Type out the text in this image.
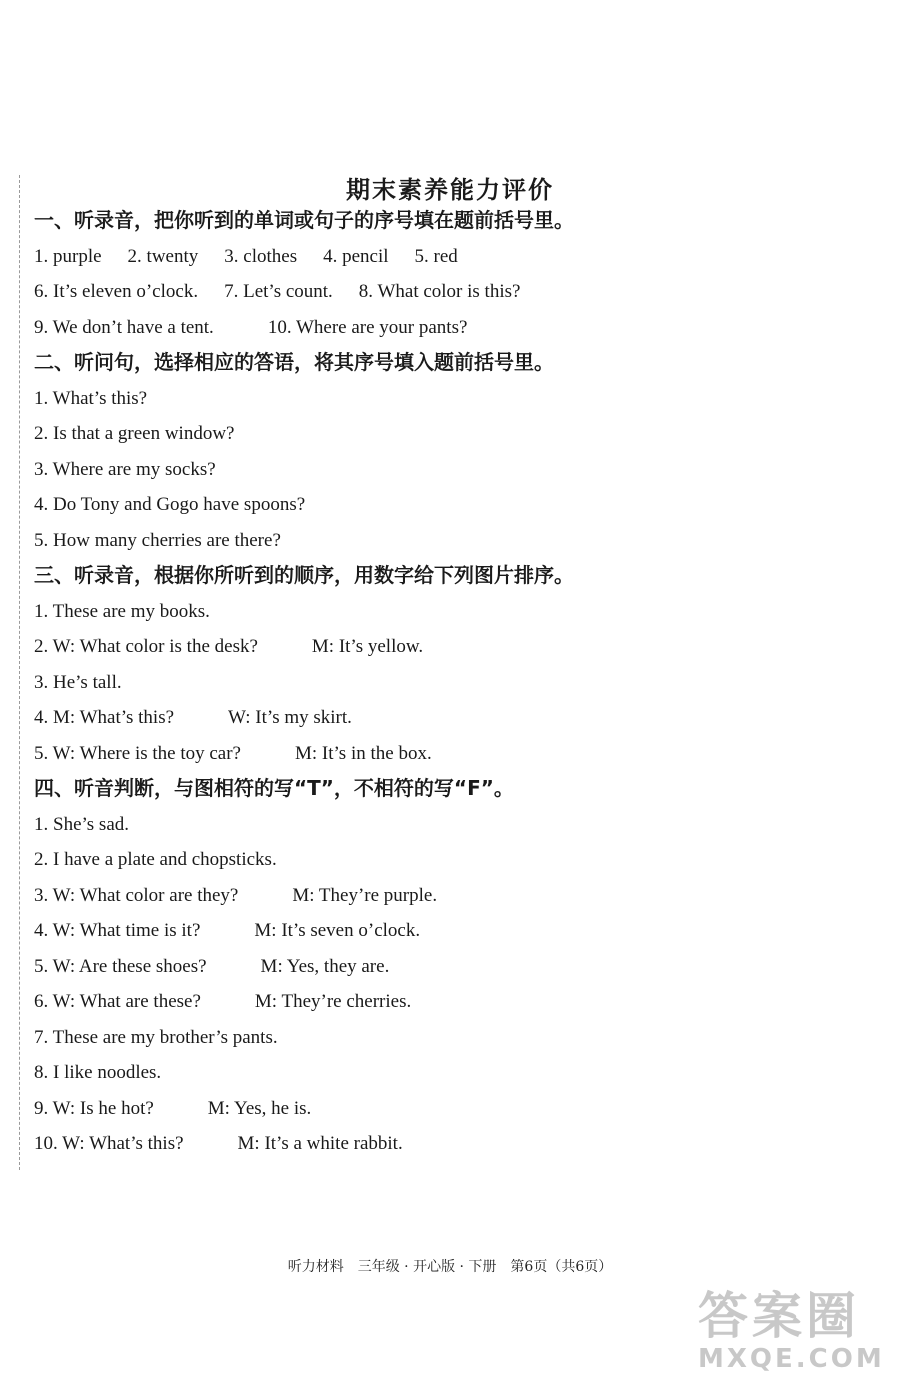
期末素养能力评价
一、听录音，把你听到的单词或句子的序号填在题前括号里。
1. purple 2. twenty 3. clothes 4. pencil 5. red
6. It’s eleven o’clock. 7. Let’s count. 8. What color is this?
9. We don’t have a tent.	10. Where are your pants?
二、听问句，选择相应的答语，将其序号填入题前括号里。
1. What’s this?
2. Is that a green window?
3. Where are my socks?
4. Do Tony and Gogo have spoons?
5. How many cherries are there?
三、听录音，根据你所听到的顺序，用数字给下列图片排序。
1. These are my books.
2. W: What color is the desk?	M: It’s yellow.
3. He’s tall.
4. M: What’s this?	W: It’s my skirt.
5. W: Where is the toy car?	M: It’s in the box.
四、听音判断，与图相符的写“T”，不相符的写“F”。
1. She’s sad.
2. I have a plate and chopsticks.
3. W: What color are they?	M: They’re purple.
4. W: What time is it?	M: It’s seven o’clock.
5. W: Are these shoes?	M: Yes, they are.
6. W: What are these?	M: They’re cherries.
7. These are my brother’s pants.
8. I like noodles.
9. W: Is he hot?	M: Yes, he is.
10. W: What’s this?	M: It’s a white rabbit.
听力材料　三年级 · 开心版 · 下册　第6页（共6页）
答案圈
MXQE.COM
